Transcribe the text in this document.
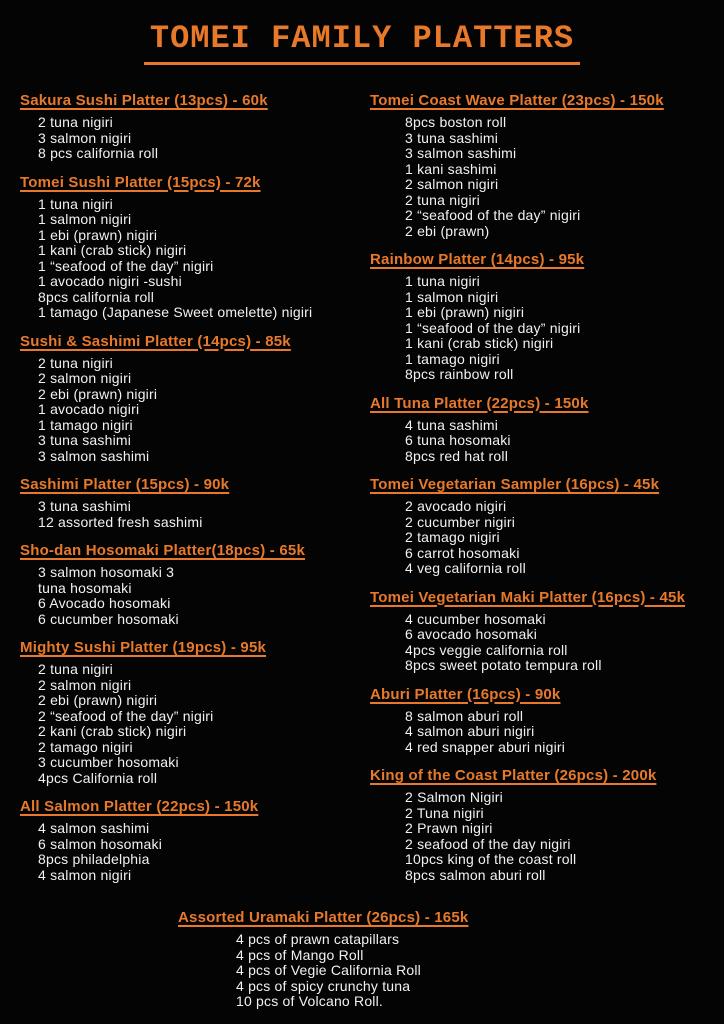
TOMEI FAMILY PLATTERS
Sakura Sushi Platter (13pcs) - 60k
2 tuna nigiri
3 salmon nigiri
8 pcs california roll
Tomei Sushi Platter (15pcs) - 72k
1 tuna nigiri
1 salmon nigiri
1 ebi (prawn) nigiri
1 kani (crab stick) nigiri
1 “seafood of the day” nigiri
1 avocado nigiri -sushi
8pcs california roll
1 tamago (Japanese Sweet omelette) nigiri
Sushi & Sashimi Platter (14pcs) - 85k
2 tuna nigiri
2 salmon nigiri
2 ebi (prawn) nigiri
1 avocado nigiri
1 tamago nigiri
3 tuna sashimi
3 salmon sashimi
Sashimi Platter (15pcs) - 90k
3 tuna sashimi
12 assorted fresh sashimi
Sho-dan Hosomaki Platter(18pcs) - 65k
3 salmon hosomaki 3
tuna hosomaki
6 Avocado hosomaki
6 cucumber hosomaki
Mighty Sushi Platter (19pcs) - 95k
2 tuna nigiri
2 salmon nigiri
2 ebi (prawn) nigiri
2 “seafood of the day” nigiri
2 kani (crab stick) nigiri
2 tamago nigiri
3 cucumber hosomaki
4pcs California roll
All Salmon Platter (22pcs) - 150k
4 salmon sashimi
6 salmon hosomaki
8pcs philadelphia
4 salmon nigiri
Tomei Coast Wave Platter (23pcs) - 150k
8pcs boston roll
3 tuna sashimi
3 salmon sashimi
1 kani sashimi
2 salmon nigiri
2 tuna nigiri
2 “seafood of the day” nigiri
2 ebi (prawn)
Rainbow Platter (14pcs) - 95k
1 tuna nigiri
1 salmon nigiri
1 ebi (prawn) nigiri
1 “seafood of the day” nigiri
1 kani (crab stick) nigiri
1 tamago nigiri
8pcs rainbow roll
All Tuna Platter (22pcs) - 150k
4 tuna sashimi
6 tuna hosomaki
8pcs red hat roll
Tomei Vegetarian Sampler (16pcs) - 45k
2 avocado nigiri
2 cucumber nigiri
2 tamago nigiri
6 carrot hosomaki
4 veg california roll
Tomei Vegetarian Maki Platter (16pcs) - 45k
4 cucumber hosomaki
6 avocado hosomaki
4pcs veggie california roll
8pcs sweet potato tempura roll
Aburi Platter (16pcs) - 90k
8 salmon aburi roll
4 salmon aburi nigiri
4 red snapper aburi nigiri
King of the Coast Platter (26pcs) - 200k
2 Salmon Nigiri
2 Tuna nigiri
2 Prawn nigiri
2 seafood of the day nigiri
10pcs king of the coast roll
8pcs salmon aburi roll
Assorted Uramaki Platter (26pcs) - 165k
4 pcs of prawn catapillars
4 pcs of Mango Roll
4 pcs of Vegie California Roll
4 pcs of spicy crunchy tuna
10 pcs of Volcano Roll.
